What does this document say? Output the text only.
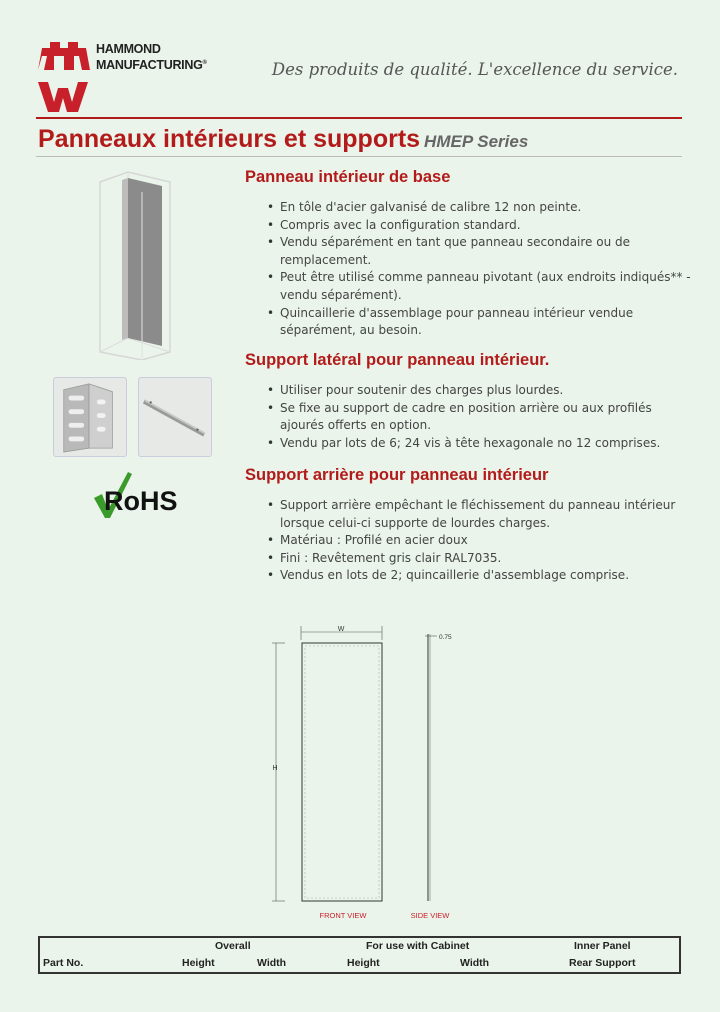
HAMMOND
MANUFACTURING®	Des produits de qualité. L'excellence du service.
Panneaux intérieurs et supports HMEP Series
RoHS
Panneau intérieur de base
• En tôle d'acier galvanisé de calibre 12 non peinte.
• Compris avec la configuration standard.
• Vendu séparément en tant que panneau secondaire ou de remplacement.
• Peut être utilisé comme panneau pivotant (aux endroits indiqués** - vendu séparément).
• Quincaillerie d'assemblage pour panneau intérieur vendue séparément, au besoin.
Support latéral pour panneau intérieur.
• Utiliser pour soutenir des charges plus lourdes.
• Se fixe au support de cadre en position arrière ou aux profilés ajourés offerts en option.
• Vendu par lots de 6; 24 vis à tête hexagonale no 12 comprises.
Support arrière pour panneau intérieur
• Support arrière empêchant le fléchissement du panneau intérieur lorsque celui-ci supporte de lourdes charges.
• Matériau : Profilé en acier doux
• Fini : Revêtement gris clair RAL7035.
• Vendus en lots de 2; quincaillerie d'assemblage comprise.
W
H
0.75
FRONT VIEW	SIDE VIEW
Overall	For use with Cabinet	Inner Panel
Part No.	Height	Width	Height	Width	Rear Support
